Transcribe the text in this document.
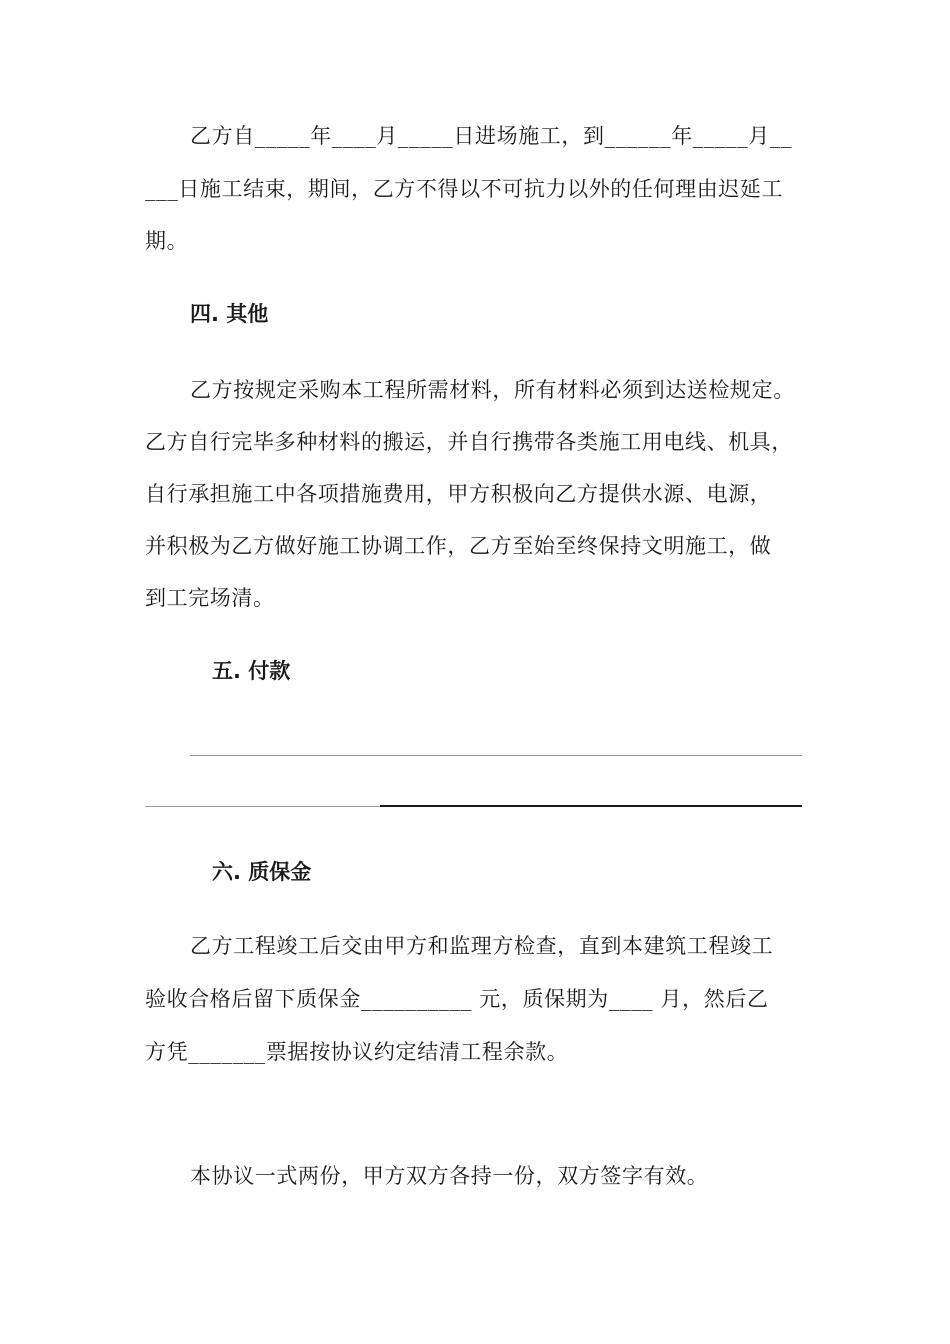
乙方自_____年____月_____日进场施工，到______年_____月__
___日施工结束，期间，乙方不得以不可抗力以外的任何理由迟延工
期。
四. 其他
乙方按规定采购本工程所需材料，所有材料必须到达送检规定。
乙方自行完毕多种材料的搬运，并自行携带各类施工用电线、机具，
自行承担施工中各项措施费用，甲方积极向乙方提供水源、电源，
并积极为乙方做好施工协调工作，乙方至始至终保持文明施工，做
到工完场清。
五. 付款
六. 质保金
乙方工程竣工后交由甲方和监理方检查，直到本建筑工程竣工
验收合格后留下质保金__________ 元，质保期为____ 月，然后乙
方凭_______票据按协议约定结清工程余款。
本协议一式两份，甲方双方各持一份，双方签字有效。
